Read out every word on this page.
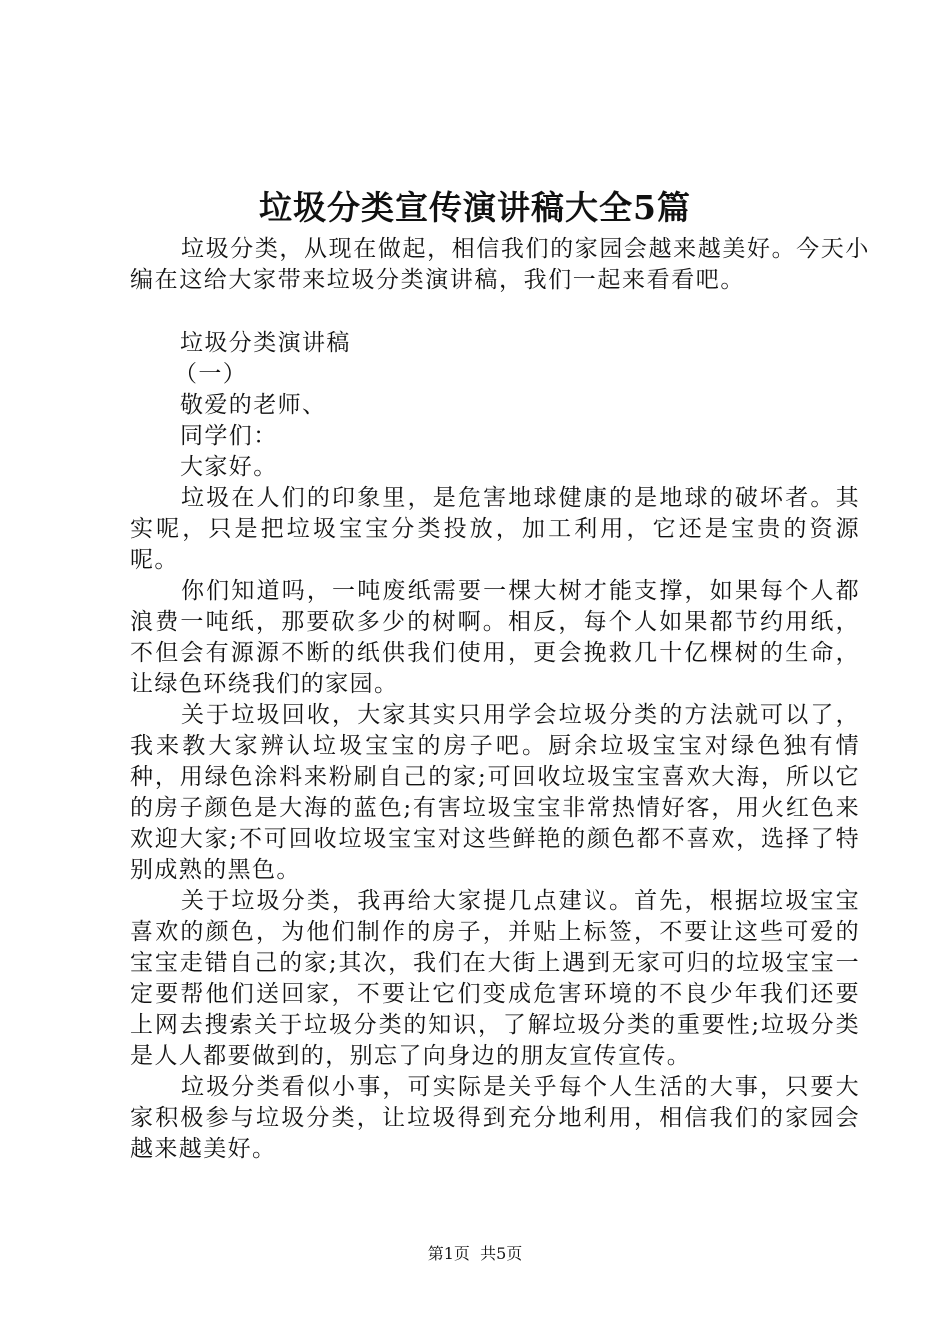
垃圾分类宣传演讲稿大全5篇

垃圾分类，从现在做起，相信我们的家园会越来越美好。今天小编在这给大家带来垃圾分类演讲稿，我们一起来看看吧。

垃圾分类演讲稿

（一）

敬爱的老师、

同学们：

大家好。

垃圾在人们的印象里，是危害地球健康的是地球的破坏者。其实呢，只是把垃圾宝宝分类投放，加工利用，它还是宝贵的资源呢。

你们知道吗，一吨废纸需要一棵大树才能支撑，如果每个人都浪费一吨纸，那要砍多少的树啊。相反，每个人如果都节约用纸，不但会有源源不断的纸供我们使用，更会挽救几十亿棵树的生命，让绿色环绕我们的家园。

关于垃圾回收，大家其实只用学会垃圾分类的方法就可以了，我来教大家辨认垃圾宝宝的房子吧。厨余垃圾宝宝对绿色独有情种，用绿色涂料来粉刷自己的家;可回收垃圾宝宝喜欢大海，所以它的房子颜色是大海的蓝色;有害垃圾宝宝非常热情好客，用火红色来欢迎大家;不可回收垃圾宝宝对这些鲜艳的颜色都不喜欢，选择了特别成熟的黑色。

关于垃圾分类，我再给大家提几点建议。首先，根据垃圾宝宝喜欢的颜色，为他们制作的房子，并贴上标签，不要让这些可爱的宝宝走错自己的家;其次，我们在大街上遇到无家可归的垃圾宝宝一定要帮他们送回家，不要让它们变成危害环境的不良少年我们还要上网去搜索关于垃圾分类的知识，了解垃圾分类的重要性;垃圾分类是人人都要做到的，别忘了向身边的朋友宣传宣传。

垃圾分类看似小事，可实际是关乎每个人生活的大事，只要大家积极参与垃圾分类，让垃圾得到充分地利用，相信我们的家园会越来越美好。

第1页  共5页
